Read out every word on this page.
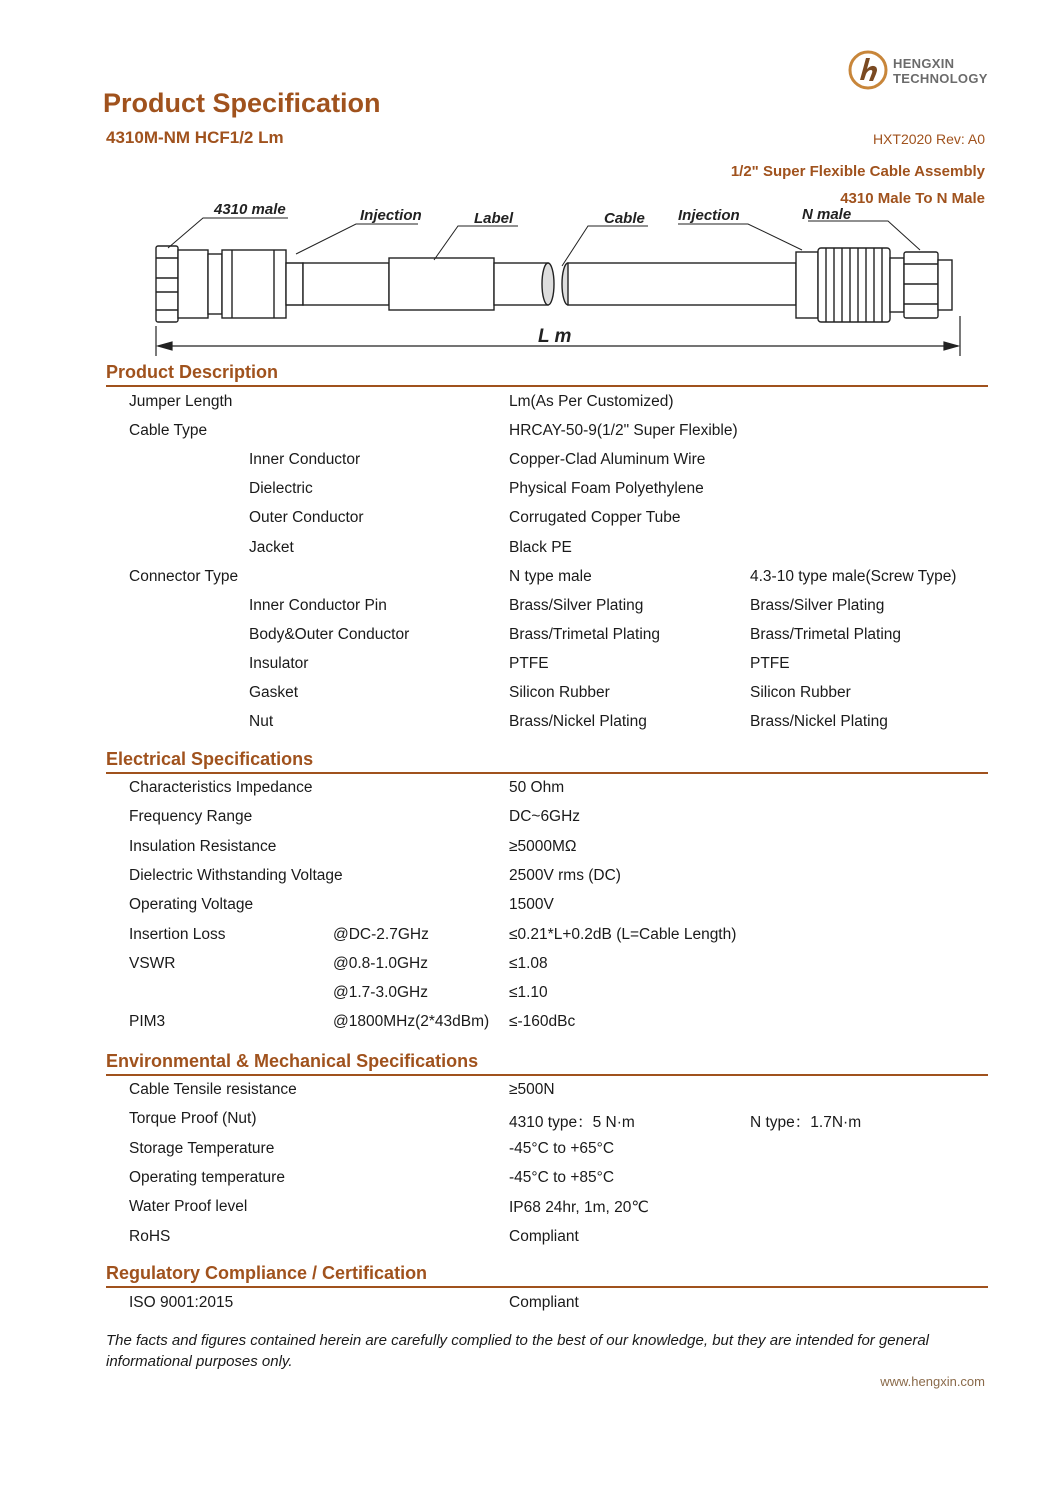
HENGXIN
TECHNOLOGY
Product Specification
4310M-NM HCF1/2 Lm	HXT2020 Rev: A0
1/2" Super Flexible Cable Assembly
4310 Male To N Male
4310 male	Injection	Label	Cable Injection	N male
L m
Product Description
Jumper Length	Lm(As Per Customized)
Cable Type	HRCAY-50-9(1/2" Super Flexible)
Inner Conductor	Copper-Clad Aluminum Wire
Dielectric	Physical Foam Polyethylene
Outer Conductor	Corrugated Copper Tube
Jacket	Black PE
Connector Type	N type male	4.3-10 type male(Screw Type)
Inner Conductor Pin	Brass/Silver Plating	Brass/Silver Plating
Body&Outer Conductor	Brass/Trimetal Plating	Brass/Trimetal Plating
Insulator	PTFE	PTFE
Gasket	Silicon Rubber	Silicon Rubber
Nut	Brass/Nickel Plating	Brass/Nickel Plating
Electrical Specifications
Characteristics Impedance	50 Ohm
Frequency Range	DC~6GHz
Insulation Resistance	≥5000MΩ
Dielectric Withstanding Voltage	2500V rms (DC)
Operating Voltage	1500V
Insertion Loss	@DC-2.7GHz	≤0.21*L+0.2dB (L=Cable Length)
VSWR	@0.8-1.0GHz	≤1.08
@1.7-3.0GHz	≤1.10
PIM3	@1800MHz(2*43dBm) ≤-160dBc
Environmental & Mechanical Specifications
Cable Tensile resistance	≥500N
Torque Proof (Nut)	4310 type：5 N·m	N type：1.7N·m
Storage Temperature	-45°C to +65°C
Operating temperature	-45°C to +85°C
Water Proof level	IP68 24hr, 1m, 20℃
RoHS	Compliant
Regulatory Compliance / Certification
ISO 9001:2015	Compliant
The facts and figures contained herein are carefully complied to the best of our knowledge, but they are intended for general informational purposes only.
www.hengxin.com
